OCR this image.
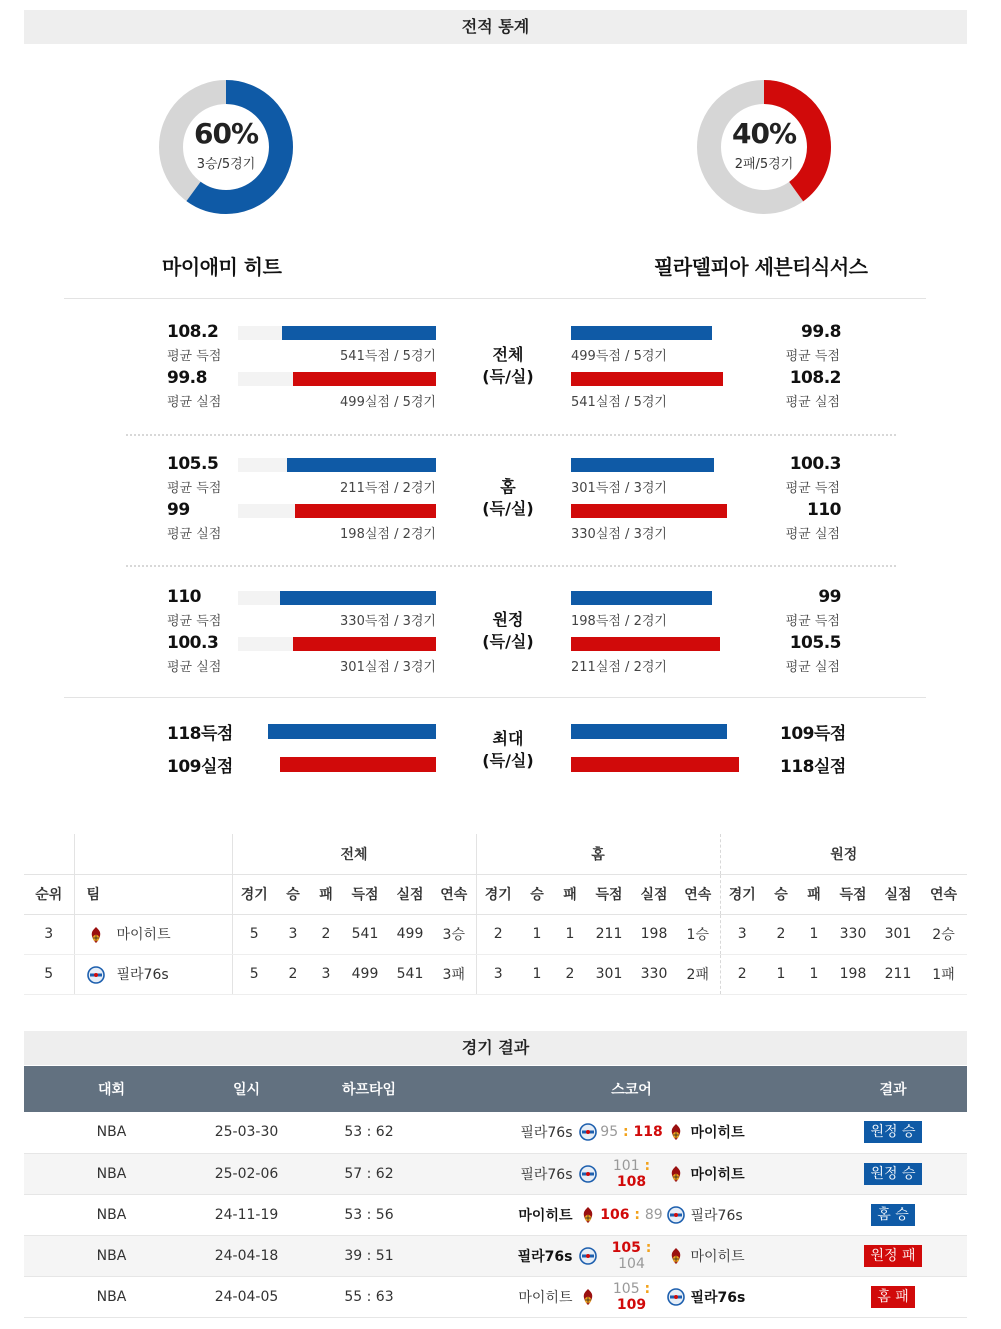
전적 통계
60%
3승/5경기
40%
2패/5경기
마이애미 히트	필라델피아 세븐티식서스
108.2
평균 득점
99.8
평균 실점
541득점 / 5경기
499실점 / 5경기
전체
(득/실)
499득점 / 5경기
541실점 / 5경기
99.8
평균 득점
108.2
평균 실점
105.5
평균 득점
99
평균 실점
211득점 / 2경기
198실점 / 2경기
홈
(득/실)
301득점 / 3경기
330실점 / 3경기
100.3
평균 득점
110
평균 실점
110
평균 득점
100.3
평균 실점
330득점 / 3경기
301실점 / 3경기
원정
(득/실)
198득점 / 2경기
211실점 / 2경기
99
평균 득점
105.5
평균 실점
118득점
109실점
최대
(득/실)
109득점
118실점
		전체						홈						원정					
순위	팀	경기	승	패	득점	실점	연속	경기	승	패	득점	실점	연속	경기	승	패	득점	실점	연속
3	마이히트	5	3	2	541	499	3승	2	1	1	211	198	1승	3	2	1	330	301	2승
5	필라76s	5	2	3	499	541	3패	3	1	2	301	330	2패	2	1	1	198	211	1패
경기 결과
대회	일시	하프타임	스코어	결과
NBA	25-03-30	53 : 62	필라76s 95 : 118 마이히트	원정 승
NBA	25-02-06	57 : 62	필라76s101 : 108 마이히트	원정 승
NBA	24-11-19	53 : 56	마이히트 106 : 89 필라76s	홈 승
NBA	24-04-18	39 : 51	필라76s105 : 104 마이히트	원정 패
NBA	24-04-05	55 : 63	마이히트105 : 109 필라76s	홈 패
